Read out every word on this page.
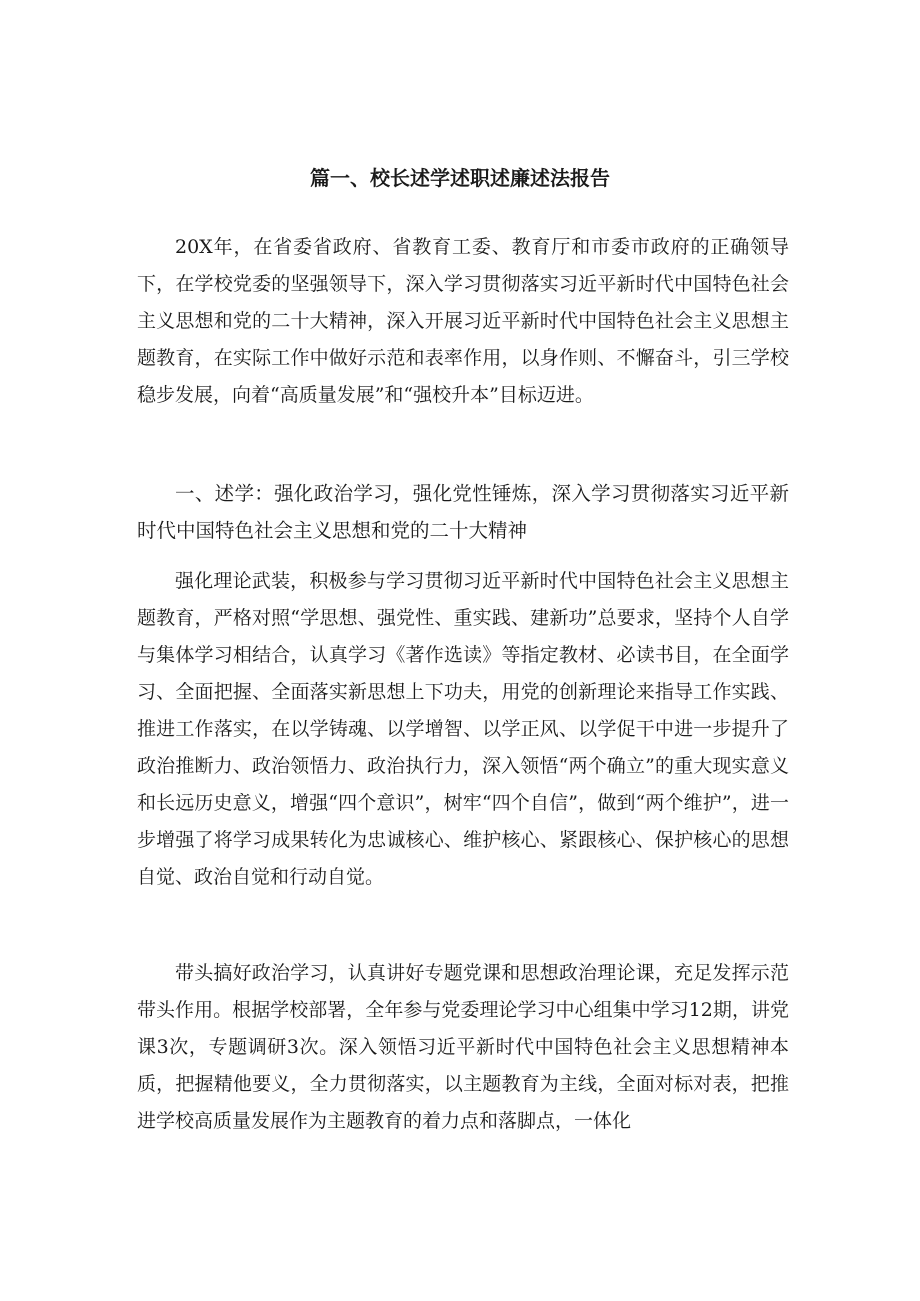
篇一、校长述学述职述廉述法报告

20X年，在省委省政府、省教育工委、教育厅和市委市政府的正确领导下，在学校党委的坚强领导下，深入学习贯彻落实习近平新时代中国特色社会主义思想和党的二十大精神，深入开展习近平新时代中国特色社会主义思想主题教育，在实际工作中做好示范和表率作用，以身作则、不懈奋斗，引三学校稳步发展，向着“高质量发展”和“强校升本”目标迈进。

一、述学：强化政治学习，强化党性锤炼，深入学习贯彻落实习近平新时代中国特色社会主义思想和党的二十大精神

强化理论武装，积极参与学习贯彻习近平新时代中国特色社会主义思想主题教育，严格对照“学思想、强党性、重实践、建新功”总要求，坚持个人自学与集体学习相结合，认真学习《著作选读》等指定教材、必读书目，在全面学习、全面把握、全面落实新思想上下功夫，用党的创新理论来指导工作实践、推进工作落实，在以学铸魂、以学增智、以学正风、以学促干中进一步提升了政治推断力、政治领悟力、政治执行力，深入领悟“两个确立”的重大现实意义和长远历史意义，增强“四个意识”，树牢“四个自信”，做到“两个维护”，进一步增强了将学习成果转化为忠诚核心、维护核心、紧跟核心、保护核心的思想自觉、政治自觉和行动自觉。

带头搞好政治学习，认真讲好专题党课和思想政治理论课，充足发挥示范带头作用。根据学校部署，全年参与党委理论学习中心组集中学习12期，讲党课3次，专题调研3次。深入领悟习近平新时代中国特色社会主义思想精神本质，把握精他要义，全力贯彻落实，以主题教育为主线，全面对标对表，把推进学校高质量发展作为主题教育的着力点和落脚点，一体化
